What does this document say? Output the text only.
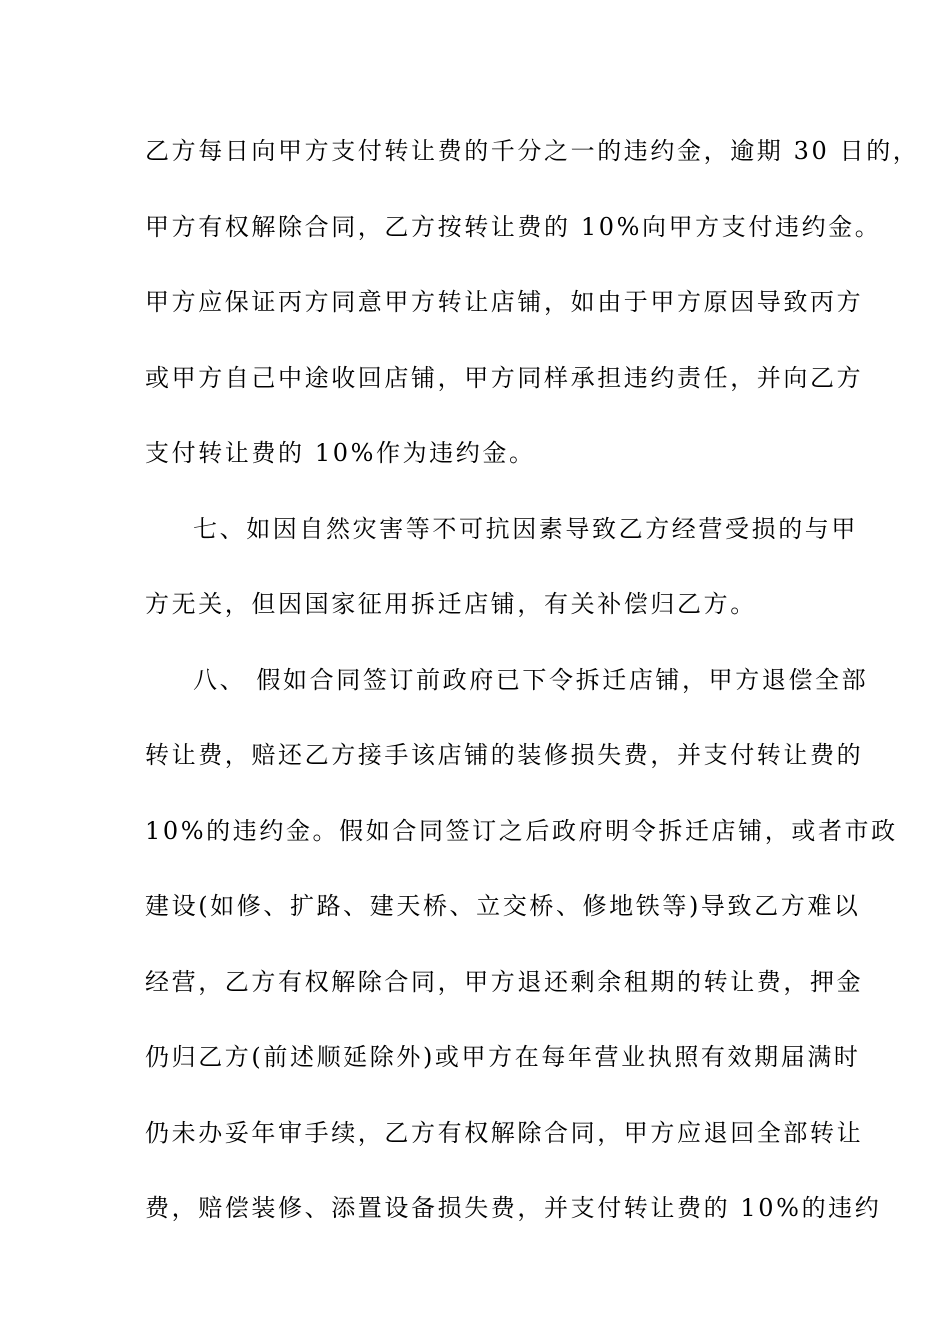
乙方每日向甲方支付转让费的千分之一的违约金，逾期 30 日的，
甲方有权解除合同，乙方按转让费的 10%向甲方支付违约金。
甲方应保证丙方同意甲方转让店铺，如由于甲方原因导致丙方
或甲方自己中途收回店铺，甲方同样承担违约责任，并向乙方
支付转让费的 10%作为违约金。
七、如因自然灾害等不可抗因素导致乙方经营受损的与甲
方无关，但因国家征用拆迁店铺，有关补偿归乙方。
八、 假如合同签订前政府已下令拆迁店铺，甲方退偿全部
转让费，赔还乙方接手该店铺的装修损失费，并支付转让费的
10%的违约金。假如合同签订之后政府明令拆迁店铺，或者市政
建设(如修、扩路、建天桥、立交桥、修地铁等)导致乙方难以
经营，乙方有权解除合同，甲方退还剩余租期的转让费，押金
仍归乙方(前述顺延除外)或甲方在每年营业执照有效期届满时
仍未办妥年审手续，乙方有权解除合同，甲方应退回全部转让
费，赔偿装修、添置设备损失费，并支付转让费的 10%的违约
